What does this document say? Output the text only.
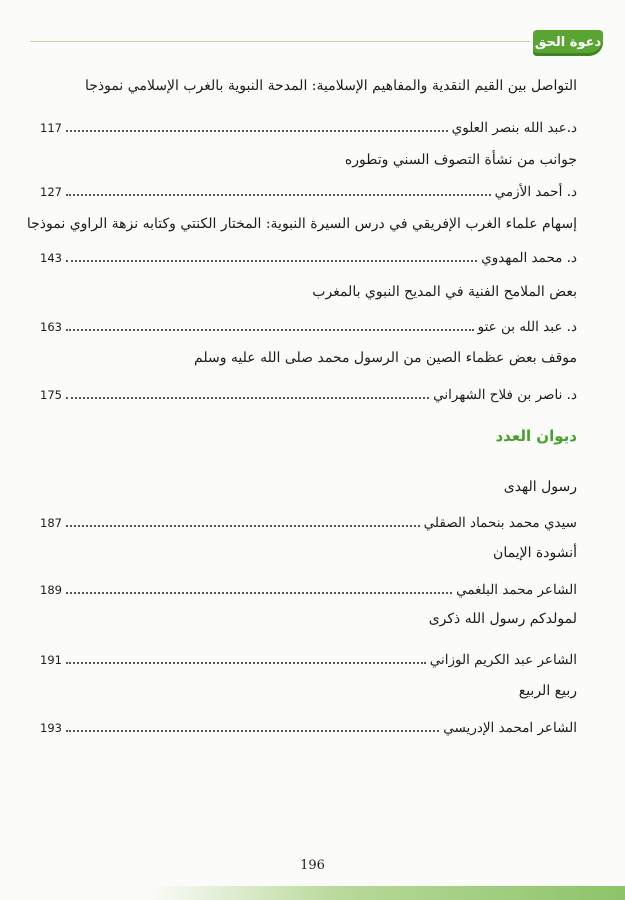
دعوة الحق
التواصل بين القيم النقدية والمفاهيم الإسلامية: المدحة النبوية بالغرب الإسلامي نموذجا
د.عبد الله بنصر العلوي
117
جوانب من نشأة التصوف السني وتطوره
د. أحمد الأزمي
127
إسهام علماء الغرب الإفريقي في درس السيرة النبوية: المختار الكنتي وكتابه نزهة الراوي نموذجا
د. محمد المهدوي
143
بعض الملامح الفنية في المديح النبوي بالمغرب
د. عبد الله بن عتو
163
موقف بعض عظماء الصين من الرسول محمد صلى الله عليه وسلم
د. ناصر بن فلاح الشهراني
175
ديوان العدد
رسول الهدى
سيدي محمد بنحماد الصقلي
187
أنشودة الإيمان
الشاعر محمد البلغمي
189
لمولدكم رسول الله ذكرى
الشاعر عبد الكريم الوزاني
191
ربيع الربيع
الشاعر امحمد الإدريسي
193
196
